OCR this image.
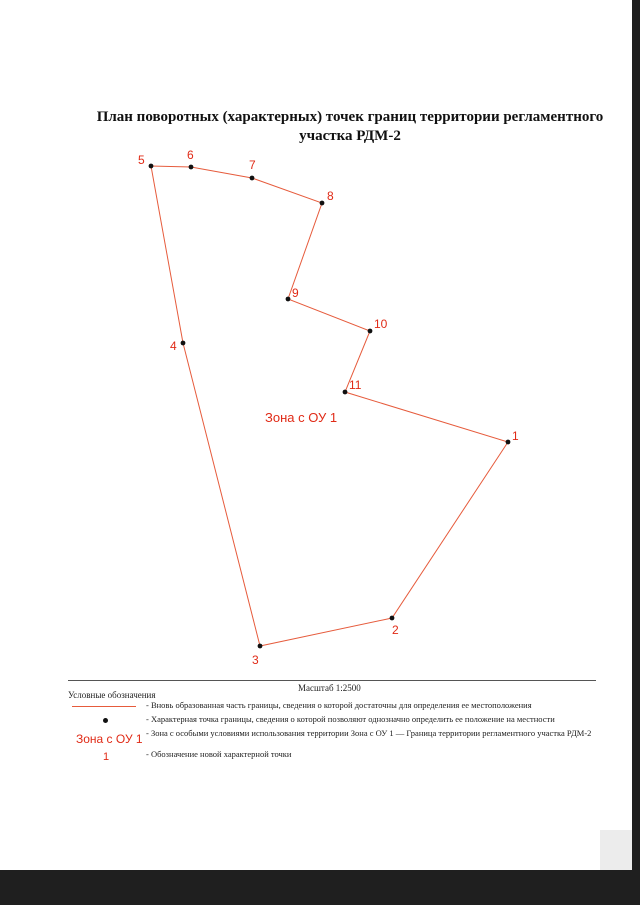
План поворотных (характерных) точек границ территории регламентного участка РДМ-2
1
2
3
4
5	6
7
8
9
10
11
Зона с ОУ 1
Масштаб 1:2500
Условные обозначения
- Вновь образованная часть границы, сведения о которой достаточны для определения ее местоположения
- Характерная точка границы, сведения о которой позволяют однозначно определить ее положение на местности
Зона с ОУ 1 - Зона с особыми условиями использования территории Зона с ОУ 1 — Граница территории регламентного участка РДМ-2
1	- Обозначение новой характерной точки
